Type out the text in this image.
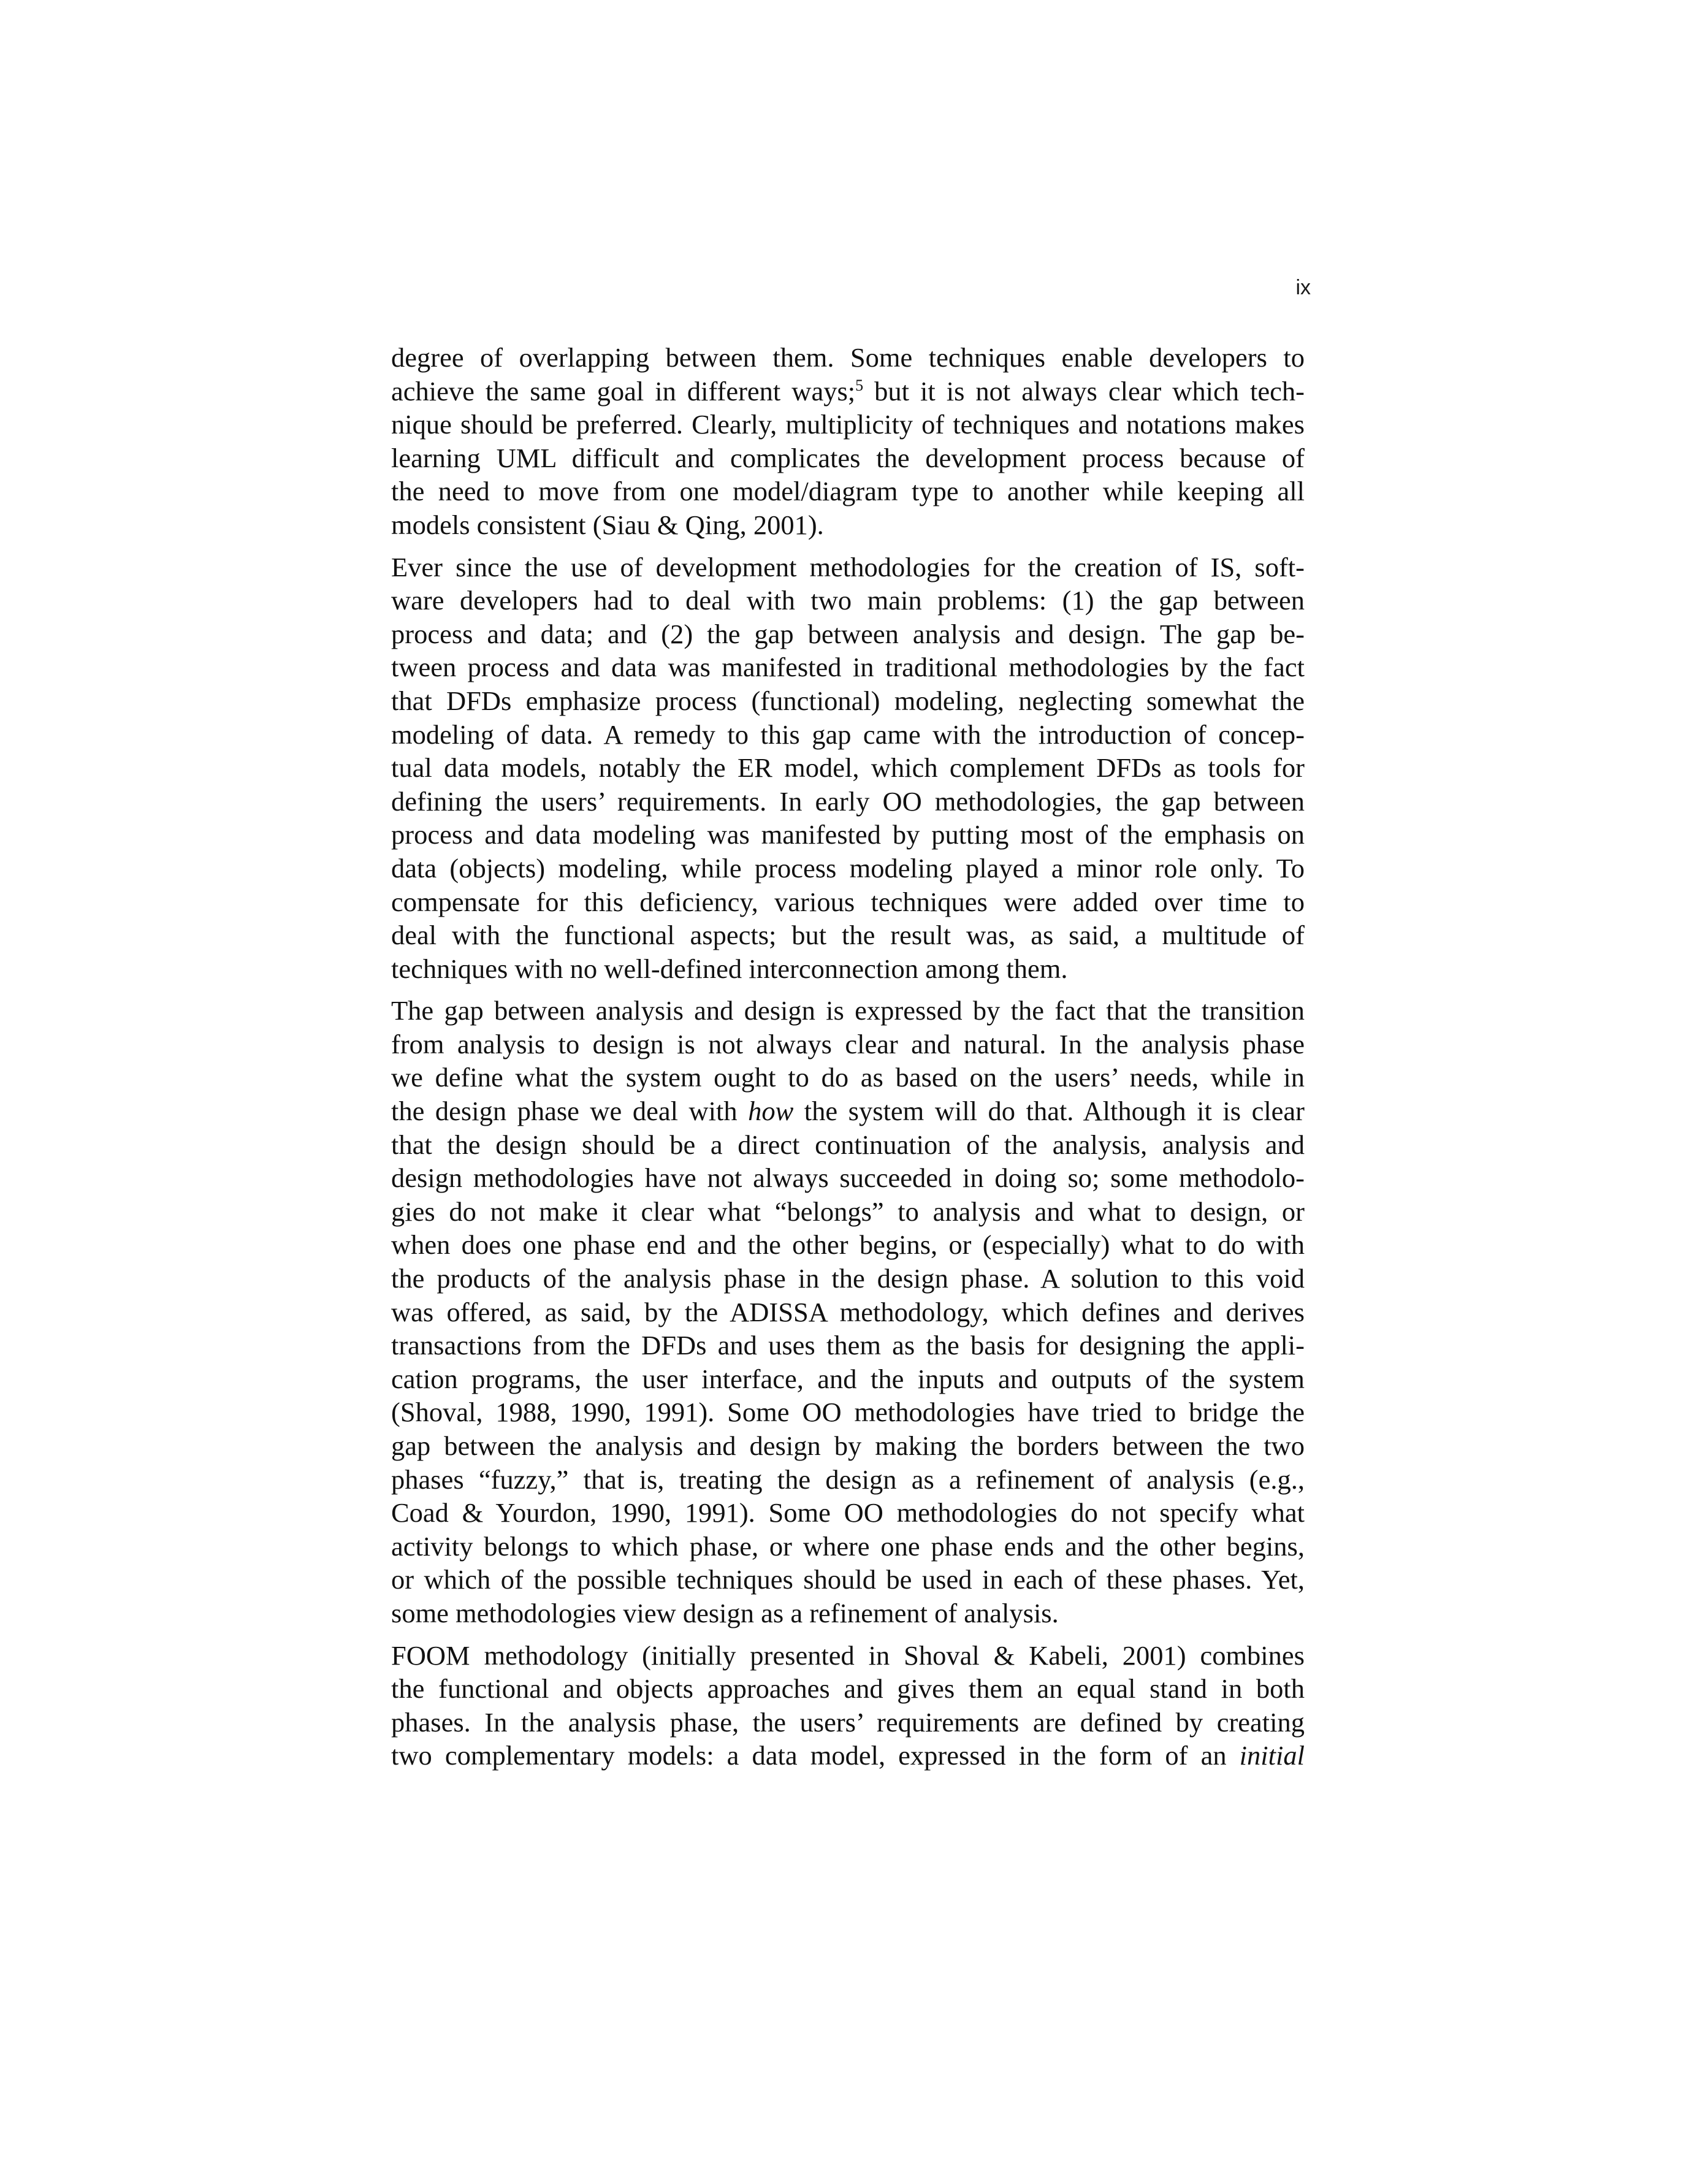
ix

degree of overlapping between them. Some techniques enable developers to
achieve the same goal in different ways;$^5$ but it is not always clear which tech-
nique should be preferred. Clearly, multiplicity of techniques and notations makes
learning UML difficult and complicates the development process because of
the need to move from one model/diagram type to another while keeping all
models consistent (Siau & Qing, 2001).

Ever since the use of development methodologies for the creation of IS, soft-
ware developers had to deal with two main problems: (1) the gap between
process and data; and (2) the gap between analysis and design. The gap be-
tween process and data was manifested in traditional methodologies by the fact
that DFDs emphasize process (functional) modeling, neglecting somewhat the
modeling of data. A remedy to this gap came with the introduction of concep-
tual data models, notably the ER model, which complement DFDs as tools for
defining the users’ requirements. In early OO methodologies, the gap between
process and data modeling was manifested by putting most of the emphasis on
data (objects) modeling, while process modeling played a minor role only. To
compensate for this deficiency, various techniques were added over time to
deal with the functional aspects; but the result was, as said, a multitude of
techniques with no well-defined interconnection among them.

The gap between analysis and design is expressed by the fact that the transition
from analysis to design is not always clear and natural. In the analysis phase
we define what the system ought to do as based on the users’ needs, while in
the design phase we deal with how the system will do that. Although it is clear
that the design should be a direct continuation of the analysis, analysis and
design methodologies have not always succeeded in doing so; some methodolo-
gies do not make it clear what “belongs” to analysis and what to design, or
when does one phase end and the other begins, or (especially) what to do with
the products of the analysis phase in the design phase. A solution to this void
was offered, as said, by the ADISSA methodology, which defines and derives
transactions from the DFDs and uses them as the basis for designing the appli-
cation programs, the user interface, and the inputs and outputs of the system
(Shoval, 1988, 1990, 1991). Some OO methodologies have tried to bridge the
gap between the analysis and design by making the borders between the two
phases “fuzzy,” that is, treating the design as a refinement of analysis (e.g.,
Coad & Yourdon, 1990, 1991). Some OO methodologies do not specify what
activity belongs to which phase, or where one phase ends and the other begins,
or which of the possible techniques should be used in each of these phases. Yet,
some methodologies view design as a refinement of analysis.

FOOM methodology (initially presented in Shoval & Kabeli, 2001) combines
the functional and objects approaches and gives them an equal stand in both
phases. In the analysis phase, the users’ requirements are defined by creating
two complementary models: a data model, expressed in the form of an initial
